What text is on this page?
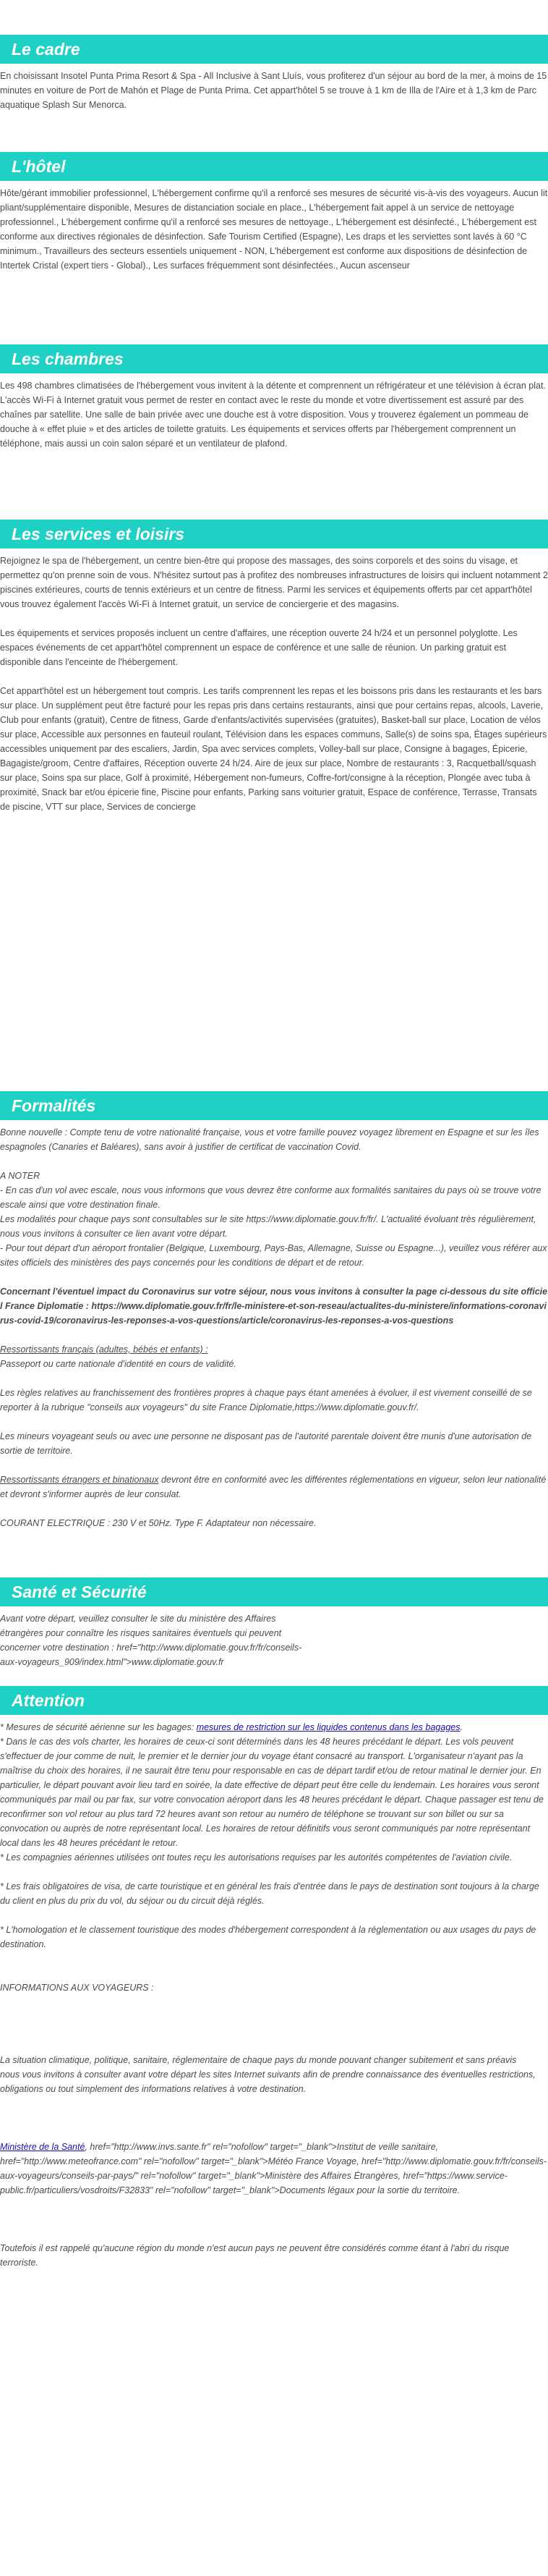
Le cadre

En choisissant Insotel Punta Prima Resort & Spa - All Inclusive à Sant Lluís, vous profiterez d'un séjour au bord de la mer, à moins de 15 minutes en voiture de Port de Mahón et Plage de Punta Prima. Cet appart'hôtel 5 se trouve à 1 km de Illa de l'Aire et à 1,3 km de Parc aquatique Splash Sur Menorca.

L'hôtel

Hôte/gérant immobilier professionnel, L'hébergement confirme qu'il a renforcé ses mesures de sécurité vis-à-vis des voyageurs. Aucun lit pliant/supplémentaire disponible, Mesures de distanciation sociale en place., L'hébergement fait appel à un service de nettoyage professionnel., L'hébergement confirme qu'il a renforcé ses mesures de nettoyage., L'hébergement est désinfecté., L'hébergement est conforme aux directives régionales de désinfection. Safe Tourism Certified (Espagne), Les draps et les serviettes sont lavés à 60 °C minimum., Travailleurs des secteurs essentiels uniquement - NON, L'hébergement est conforme aux dispositions de désinfection de Intertek Cristal (expert tiers - Global)., Les surfaces fréquemment sont désinfectées., Aucun ascenseur

Les chambres

Les 498 chambres climatisées de l'hébergement vous invitent à la détente et comprennent un réfrigérateur et une télévision à écran plat. L'accès Wi-Fi à Internet gratuit vous permet de rester en contact avec le reste du monde et votre divertissement est assuré par des chaînes par satellite. Une salle de bain privée avec une douche est à votre disposition. Vous y trouverez également un pommeau de douche à « effet pluie » et des articles de toilette gratuits. Les équipements et services offerts par l'hébergement comprennent un téléphone, mais aussi un coin salon séparé et un ventilateur de plafond.

Les services et loisirs

Rejoignez le spa de l'hébergement, un centre bien-être qui propose des massages, des soins corporels et des soins du visage, et permettez qu'on prenne soin de vous. N'hésitez surtout pas à profitez des nombreuses infrastructures de loisirs qui incluent notamment 2 piscines extérieures, courts de tennis extérieurs et un centre de fitness. Parmi les services et équipements offerts par cet appart'hôtel vous trouvez également l'accès Wi-Fi à Internet gratuit, un service de conciergerie et des magasins.

Les équipements et services proposés incluent un centre d'affaires, une réception ouverte 24 h/24 et un personnel polyglotte. Les espaces événements de cet appart'hôtel comprennent un espace de conférence et une salle de réunion. Un parking gratuit est disponible dans l'enceinte de l'hébergement.

Cet appart'hôtel est un hébergement tout compris. Les tarifs comprennent les repas et les boissons pris dans les restaurants et les bars sur place. Un supplément peut être facturé pour les repas pris dans certains restaurants, ainsi que pour certains repas, alcools, Laverie, Club pour enfants (gratuit), Centre de fitness, Garde d'enfants/activités supervisées (gratuites), Basket-ball sur place, Location de vélos sur place, Accessible aux personnes en fauteuil roulant, Télévision dans les espaces communs, Salle(s) de soins spa, Étages supérieurs accessibles uniquement par des escaliers, Jardin, Spa avec services complets, Volley-ball sur place, Consigne à bagages, Épicerie, Bagagiste/groom, Centre d'affaires, Réception ouverte 24 h/24. Aire de jeux sur place, Nombre de restaurants : 3, Racquetball/squash sur place, Soins spa sur place, Golf à proximité, Hébergement non-fumeurs, Coffre-fort/consigne à la réception, Plongée avec tuba à proximité, Snack bar et/ou épicerie fine, Piscine pour enfants, Parking sans voiturier gratuit, Espace de conférence, Terrasse, Transats de piscine, VTT sur place, Services de concierge

Formalités

Bonne nouvelle : Compte tenu de votre nationalité française, vous et votre famille pouvez voyagez librement en Espagne et sur les îles espagnoles (Canaries et Baléares), sans avoir à justifier de certificat de vaccination Covid.

A NOTER

- En cas d'un vol avec escale, nous vous informons que vous devrez être conforme aux formalités sanitaires du pays où se trouve votre escale ainsi que votre destination finale.

Les modalités pour chaque pays sont consultables sur le site https://www.diplomatie.gouv.fr/fr/. L'actualité évoluant très régulièrement, nous vous invitons à consulter ce lien avant votre départ.

- Pour tout départ d'un aéroport frontalier (Belgique, Luxembourg, Pays-Bas, Allemagne, Suisse ou Espagne...), veuillez vous référer aux sites officiels des ministères des pays concernés pour les conditions de départ et de retour.

Concernant l'éventuel impact du Coronavirus sur votre séjour, nous vous invitons à consulter la page ci-dessous du site officiel France Diplomatie : https://www.diplomatie.gouv.fr/fr/le-ministere-et-son-reseau/actualites-du-ministere/informations-coronavirus-covid-19/coronavirus-les-reponses-a-vos-questions/article/coronavirus-les-reponses-a-vos-questions

Ressortissants français (adultes, bébés et enfants) :

Passeport ou carte nationale d'identité en cours de validité.

Les règles relatives au franchissement des frontières propres à chaque pays étant amenées à évoluer, il est vivement conseillé de se reporter à la rubrique "conseils aux voyageurs" du site France Diplomatie,https://www.diplomatie.gouv.fr/.

Les mineurs voyageant seuls ou avec une personne ne disposant pas de l'autorité parentale doivent être munis d'une autorisation de sortie de territoire.

Ressortissants étrangers et binationaux devront être en conformité avec les différentes réglementations en vigueur, selon leur nationalité et devront s'informer auprès de leur consulat.

COURANT ELECTRIQUE : 230 V et 50Hz. Type F. Adaptateur non nécessaire.

Santé et Sécurité

Avant votre départ, veuillez consulter le site du ministère des Affaires étrangères pour connaître les risques sanitaires éventuels qui peuvent concerner votre destination : href="http://www.diplomatie.gouv.fr/fr/conseils-aux-voyageurs_909/index.html">www.diplomatie.gouv.fr

Attention

* Mesures de sécurité aérienne sur les bagages: mesures de restriction sur les liquides contenus dans les bagages.

* Dans le cas des vols charter, les horaires de ceux-ci sont déterminés dans les 48 heures précédant le départ. Les vols peuvent s'effectuer de jour comme de nuit, le premier et le dernier jour du voyage étant consacré au transport. L'organisateur n'ayant pas la maîtrise du choix des horaires, il ne saurait être tenu pour responsable en cas de départ tardif et/ou de retour matinal le dernier jour. En particulier, le départ pouvant avoir lieu tard en soirée, la date effective de départ peut être celle du lendemain. Les horaires vous seront communiqués par mail ou par fax, sur votre convocation aéroport dans les 48 heures précédant le départ. Chaque passager est tenu de reconfirmer son vol retour au plus tard 72 heures avant son retour au numéro de téléphone se trouvant sur son billet ou sur sa convocation ou auprès de notre représentant local. Les horaires de retour définitifs vous seront communiqués par notre représentant local dans les 48 heures précédant le retour.

* Les compagnies aériennes utilisées ont toutes reçu les autorisations requises par les autorités compétentes de l'aviation civile.

* Les frais obligatoires de visa, de carte touristique et en général les frais d'entrée dans le pays de destination sont toujours à la charge du client en plus du prix du vol, du séjour ou du circuit déjà réglés.

* L'homologation et le classement touristique des modes d'hébergement correspondent à la réglementation ou aux usages du pays de destination.

INFORMATIONS AUX VOYAGEURS :

La situation climatique, politique, sanitaire, réglementaire de chaque pays du monde pouvant changer subitement et sans préavis
nous vous invitons à consulter avant votre départ les sites Internet suivants afin de prendre connaissance des éventuelles restrictions, obligations ou tout simplement des informations relatives à votre destination.

Ministère de la Santé, href="http://www.invs.sante.fr" rel="nofollow" target="_blank">Institut de veille sanitaire, href="http://www.meteofrance.com" rel="nofollow" target="_blank">Météo France Voyage, href="http://www.diplomatie.gouv.fr/fr/conseils-aux-voyageurs/conseils-par-pays/" rel="nofollow" target="_blank">Ministère des Affaires Étrangères, href="https://www.service-public.fr/particuliers/vosdroits/F32833" rel="nofollow" target="_blank">Documents légaux pour la sortie du territoire.

Toutefois il est rappelé qu'aucune région du monde n'est aucun pays ne peuvent être considérés comme étant à l'abri du risque terroriste.
